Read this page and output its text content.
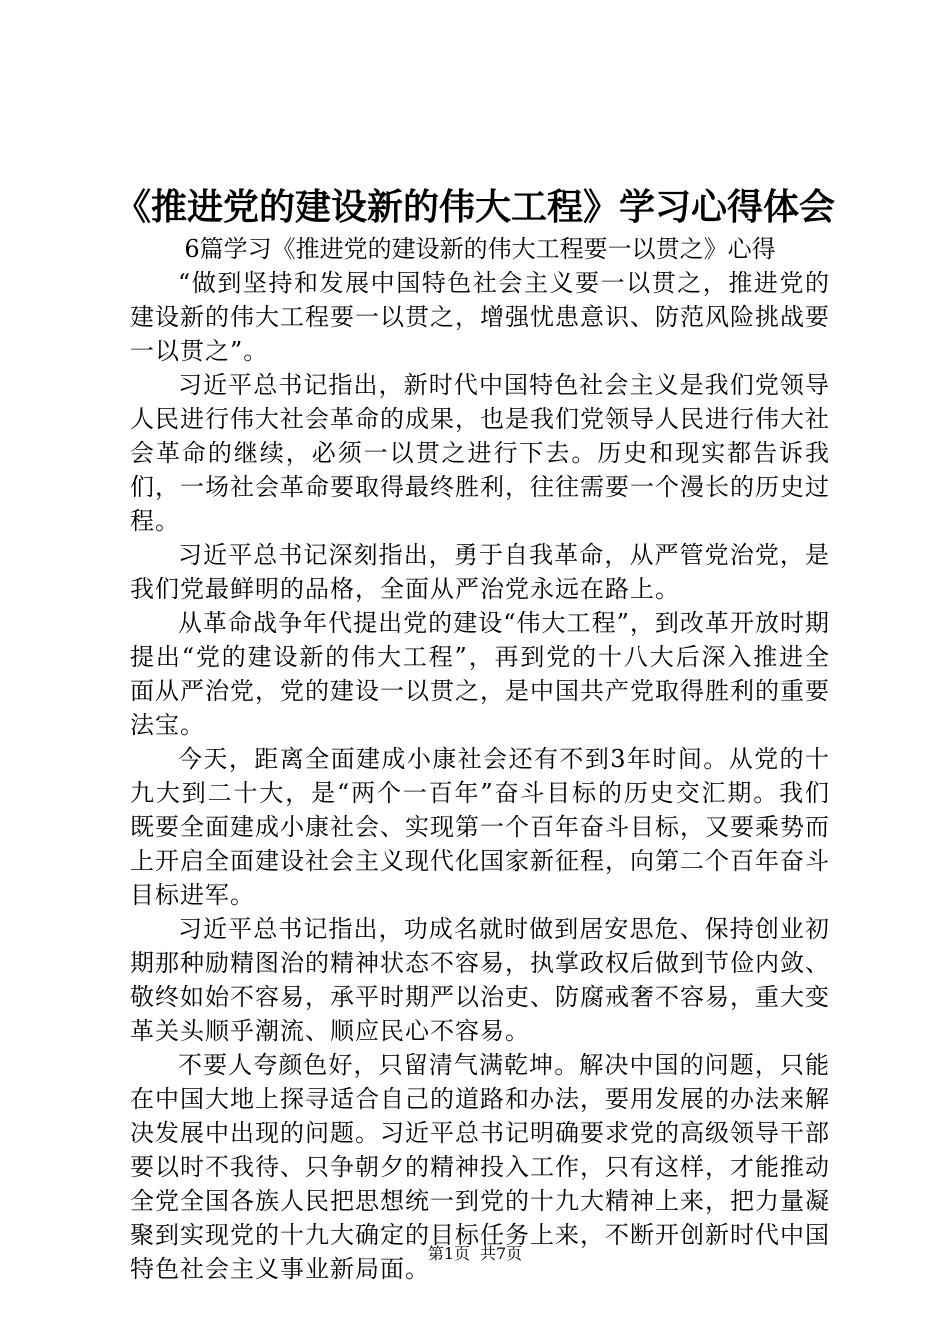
《推进党的建设新的伟大工程》学习心得体会

6篇学习《推进党的建设新的伟大工程要一以贯之》心得

“做到坚持和发展中国特色社会主义要一以贯之，推进党的建设新的伟大工程要一以贯之，增强忧患意识、防范风险挑战要一以贯之”。

习近平总书记指出，新时代中国特色社会主义是我们党领导人民进行伟大社会革命的成果，也是我们党领导人民进行伟大社会革命的继续，必须一以贯之进行下去。历史和现实都告诉我们，一场社会革命要取得最终胜利，往往需要一个漫长的历史过程。

习近平总书记深刻指出，勇于自我革命，从严管党治党，是我们党最鲜明的品格，全面从严治党永远在路上。

从革命战争年代提出党的建设“伟大工程”，到改革开放时期提出“党的建设新的伟大工程”，再到党的十八大后深入推进全面从严治党，党的建设一以贯之，是中国共产党取得胜利的重要法宝。

今天，距离全面建成小康社会还有不到3年时间。从党的十九大到二十大，是“两个一百年”奋斗目标的历史交汇期。我们既要全面建成小康社会、实现第一个百年奋斗目标，又要乘势而上开启全面建设社会主义现代化国家新征程，向第二个百年奋斗目标进军。

习近平总书记指出，功成名就时做到居安思危、保持创业初期那种励精图治的精神状态不容易，执掌政权后做到节俭内敛、敬终如始不容易，承平时期严以治吏、防腐戒奢不容易，重大变革关头顺乎潮流、顺应民心不容易。

不要人夸颜色好，只留清气满乾坤。解决中国的问题，只能在中国大地上探寻适合自己的道路和办法，要用发展的办法来解决发展中出现的问题。习近平总书记明确要求党的高级领导干部要以时不我待、只争朝夕的精神投入工作，只有这样，才能推动全党全国各族人民把思想统一到党的十九大精神上来，把力量凝聚到实现党的十九大确定的目标任务上来，不断开创新时代中国特色社会主义事业新局面。

第1页 共7页
